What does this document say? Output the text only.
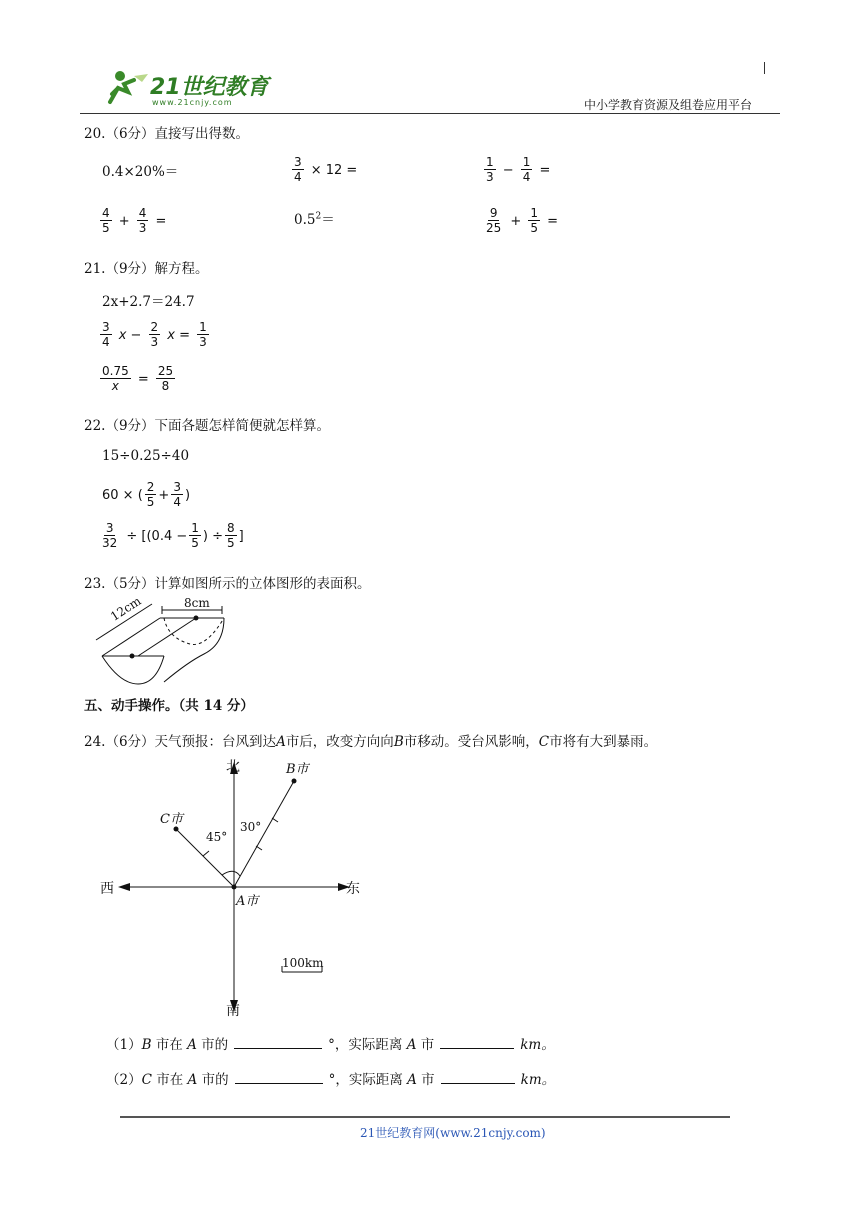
21世纪教育
www.21cnjy.com	中小学教育资源及组卷应用平台
20.（6分）直接写出得数。
0.4×20%＝	$\frac{3}{4} \times 12$ =	$\frac{1}{3} - \frac{1}{4}$ =
$\frac{4}{5} + \frac{4}{3}$ =	$0.5^2=$	$\frac{9}{25} + \frac{1}{5}$ =
21.（9分）解方程。
2x+2.7＝24.7
$\frac{3}{4}$ $x - \frac{2}{3}$ $x = \frac{1}{3}$
$\frac{0.75}{x} = \frac{25}{8}$
22.（9分）下面各题怎样简便就怎样算。
15÷0.25÷40
60 × ( $\frac{2}{5} + \frac{3}{4}$ )
$\frac{3}{32} \div [(0.4 - \frac{1}{5}$ ) ÷ $\frac{8}{5}$ ]
23.（5分）计算如图所示的立体图形的表面积。
12cm	8cm
五、动手操作。（共 14 分）
24.（6分）天气预报：台风到达A市后，改变方向向B市移动。受台风影响，C市将有大到暴雨。
北
南
东
西
B市
C市
A市
45°
30°
100km
（1）B 市在 A 市的	°，实际距离 A 市	km。
（2）C 市在 A 市的	°，实际距离 A 市	km。
21世纪教育网(www.21cnjy.com)
